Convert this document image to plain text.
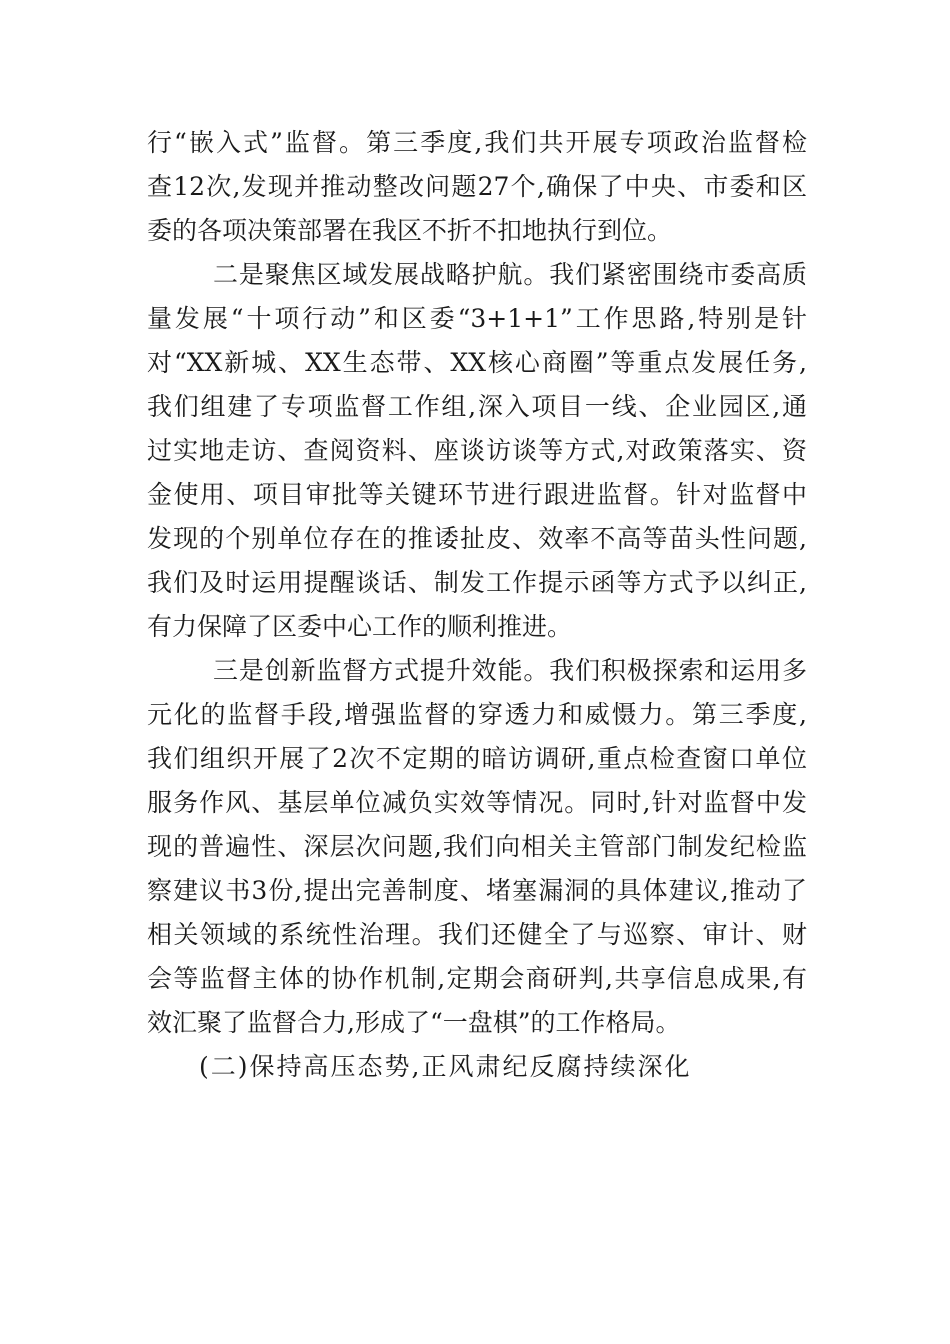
行“嵌入式”监督。第三季度,我们共开展专项政治监督检
查12次,发现并推动整改问题27个,确保了中央、市委和区
委的各项决策部署在我区不折不扣地执行到位。
二是聚焦区域发展战略护航。我们紧密围绕市委高质
量发展“十项行动”和区委“3+1+1”工作思路,特别是针
对“XX新城、XX生态带、XX核心商圈”等重点发展任务,
我们组建了专项监督工作组,深入项目一线、企业园区,通
过实地走访、查阅资料、座谈访谈等方式,对政策落实、资
金使用、项目审批等关键环节进行跟进监督。针对监督中
发现的个别单位存在的推诿扯皮、效率不高等苗头性问题,
我们及时运用提醒谈话、制发工作提示函等方式予以纠正,
有力保障了区委中心工作的顺利推进。
三是创新监督方式提升效能。我们积极探索和运用多
元化的监督手段,增强监督的穿透力和威慑力。第三季度,
我们组织开展了2次不定期的暗访调研,重点检查窗口单位
服务作风、基层单位减负实效等情况。同时,针对监督中发
现的普遍性、深层次问题,我们向相关主管部门制发纪检监
察建议书3份,提出完善制度、堵塞漏洞的具体建议,推动了
相关领域的系统性治理。我们还健全了与巡察、审计、财
会等监督主体的协作机制,定期会商研判,共享信息成果,有
效汇聚了监督合力,形成了“一盘棋”的工作格局。
(二)保持高压态势,正风肃纪反腐持续深化
